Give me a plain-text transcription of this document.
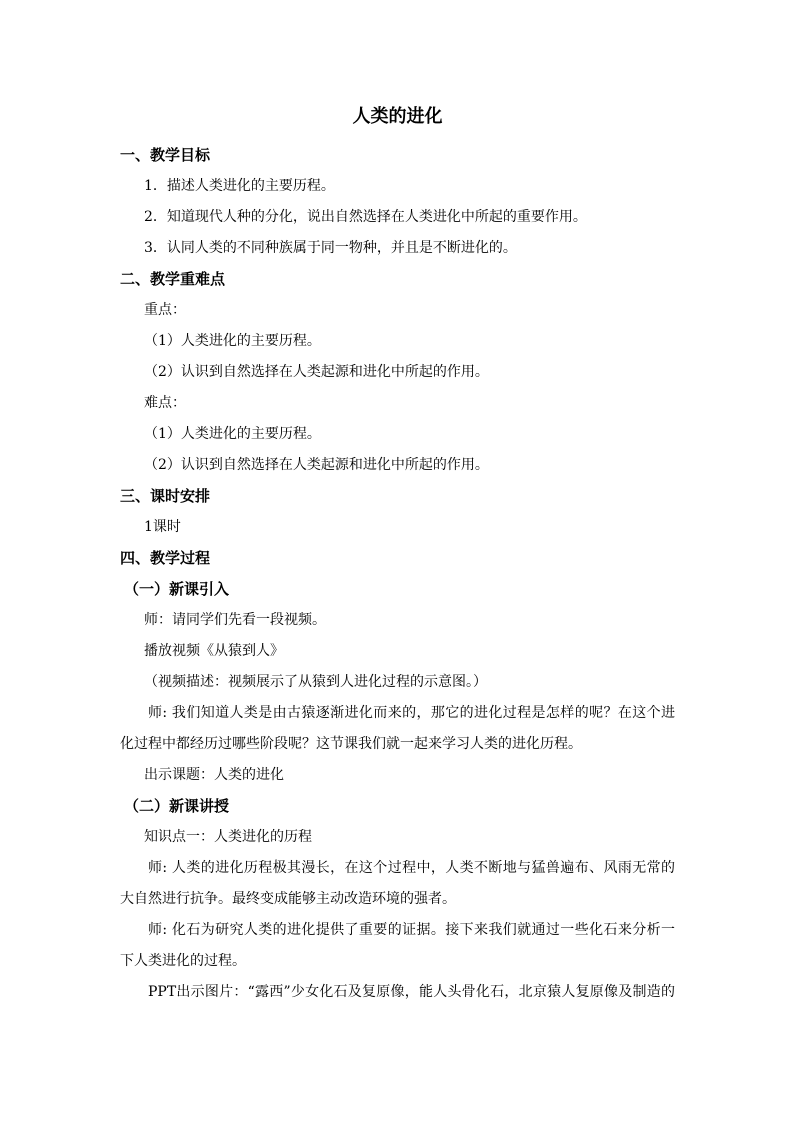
人类的进化

一、教学目标

1．描述人类进化的主要历程。

2．知道现代人种的分化，说出自然选择在人类进化中所起的重要作用。

3．认同人类的不同种族属于同一物种，并且是不断进化的。

二、教学重难点

重点：

（1）人类进化的主要历程。

（2）认识到自然选择在人类起源和进化中所起的作用。

难点：

（1）人类进化的主要历程。

（2）认识到自然选择在人类起源和进化中所起的作用。

三、课时安排

1课时

四、教学过程

（一）新课引入

师：请同学们先看一段视频。

播放视频《从猿到人》

（视频描述：视频展示了从猿到人进化过程的示意图。）

师: 我们知道人类是由古猿逐渐进化而来的，那它的进化过程是怎样的呢？在这个进化过程中都经历过哪些阶段呢？这节课我们就一起来学习人类的进化历程。

出示课题：人类的进化

（二）新课讲授

知识点一：人类进化的历程

师: 人类的进化历程极其漫长，在这个过程中，人类不断地与猛兽遍布、风雨无常的大自然进行抗争。最终变成能够主动改造环境的强者。

师: 化石为研究人类的进化提供了重要的证据。接下来我们就通过一些化石来分析一下人类进化的过程。

PPT出示图片：“露西”少女化石及复原像，能人头骨化石，北京猿人复原像及制造的
